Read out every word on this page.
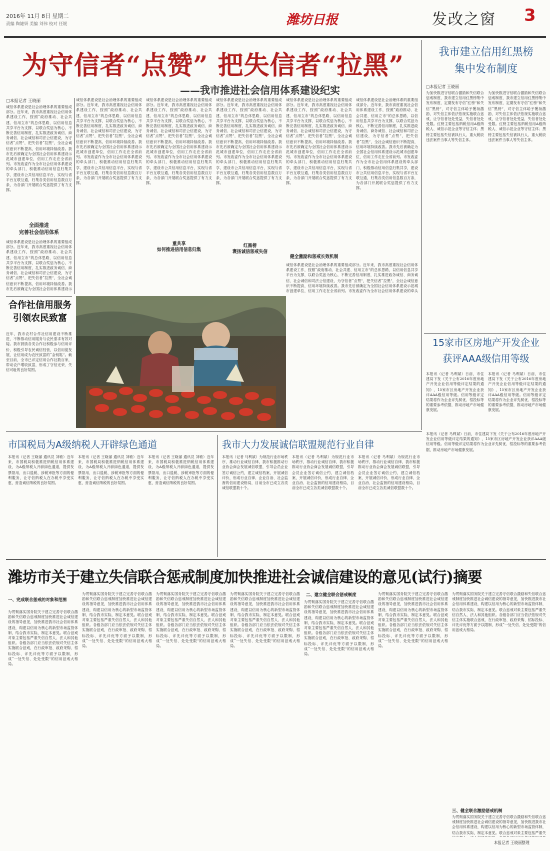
2016年 11月 8日 星期二
责编 陶婕妍 美编 刘伟 校对 任媛	潍坊日报	发改之窗 3
为守信者“点赞” 把失信者“拉黑”
——我市推进社会信用体系建设纪实
□本报记者 王晓丽
诚信体系建设是社会治理体系的重要组成部分。近年来，我市高度重视社会信用体系建设工作，按照“政府推动、社会共建、信用立市”的总体思路，以信用信息共享平台为支撑，以联合奖惩为核心，不断完善信用制度，扎实推进政务诚信、商务诚信、社会诚信和司法公信建设，为守信者“点赞”，把失信者“拉黑”，全社会诚信意识不断提高，信用环境持续改善。我市先后被确定为全国社会信用体系建设示范城市创建单位，信用工作走在全省前列。市发改委作为全市社会信用体系建设的牵头部门，积极推动信用信息归集共享，建设市公共信用信息平台，实现与省平台互联互通，归集各类信用信息数百万条，为各部门开展联合奖惩提供了有力支撑。
诚信体系建设是社会治理体系的重要组成部分。近年来，我市高度重视社会信用体系建设工作，按照“政府推动、社会共建、信用立市”的总体思路，以信用信息共享平台为支撑，以联合奖惩为核心，不断完善信用制度，扎实推进政务诚信、商务诚信、社会诚信和司法公信建设，为守信者“点赞”，把失信者“拉黑”，全社会诚信意识不断提高，信用环境持续改善。我市先后被确定为全国社会信用体系建设示范城市创建单位，信用工作走在全省前列。市发改委作为全市社会信用体系建设的牵头部门，积极推动信用信息归集共享，建设市公共信用信息平台，实现与省平台互联互通，归集各类信用信息数百万条，为各部门开展联合奖惩提供了有力支撑。
诚信体系建设是社会治理体系的重要组成部分。近年来，我市高度重视社会信用体系建设工作，按照“政府推动、社会共建、信用立市”的总体思路，以信用信息共享平台为支撑，以联合奖惩为核心，不断完善信用制度，扎实推进政务诚信、商务诚信、社会诚信和司法公信建设，为守信者“点赞”，把失信者“拉黑”，全社会诚信意识不断提高，信用环境持续改善。我市先后被确定为全国社会信用体系建设示范城市创建单位，信用工作走在全省前列。市发改委作为全市社会信用体系建设的牵头部门，积极推动信用信息归集共享，建设市公共信用信息平台，实现与省平台互联互通，归集各类信用信息数百万条，为各部门开展联合奖惩提供了有力支撑。
诚信体系建设是社会治理体系的重要组成部分。近年来，我市高度重视社会信用体系建设工作，按照“政府推动、社会共建、信用立市”的总体思路，以信用信息共享平台为支撑，以联合奖惩为核心，不断完善信用制度，扎实推进政务诚信、商务诚信、社会诚信和司法公信建设，为守信者“点赞”，把失信者“拉黑”，全社会诚信意识不断提高，信用环境持续改善。我市先后被确定为全国社会信用体系建设示范城市创建单位，信用工作走在全省前列。市发改委作为全市社会信用体系建设的牵头部门，积极推动信用信息归集共享，建设市公共信用信息平台，实现与省平台互联互通，归集各类信用信息数百万条，为各部门开展联合奖惩提供了有力支撑。
诚信体系建设是社会治理体系的重要组成部分。近年来，我市高度重视社会信用体系建设工作，按照“政府推动、社会共建、信用立市”的总体思路，以信用信息共享平台为支撑，以联合奖惩为核心，不断完善信用制度，扎实推进政务诚信、商务诚信、社会诚信和司法公信建设，为守信者“点赞”，把失信者“拉黑”，全社会诚信意识不断提高，信用环境持续改善。我市先后被确定为全国社会信用体系建设示范城市创建单位，信用工作走在全省前列。市发改委作为全市社会信用体系建设的牵头部门，积极推动信用信息归集共享，建设市公共信用信息平台，实现与省平台互联互通，归集各类信用信息数百万条，为各部门开展联合奖惩提供了有力支撑。
诚信体系建设是社会治理体系的重要组成部分。近年来，我市高度重视社会信用体系建设工作，按照“政府推动、社会共建、信用立市”的总体思路，以信用信息共享平台为支撑，以联合奖惩为核心，不断完善信用制度，扎实推进政务诚信、商务诚信、社会诚信和司法公信建设，为守信者“点赞”，把失信者“拉黑”，全社会诚信意识不断提高，信用环境持续改善。我市先后被确定为全国社会信用体系建设示范城市创建单位，信用工作走在全省前列。市发改委作为全市社会信用体系建设的牵头部门，积极推动信用信息归集共享，建设市公共信用信息平台，实现与省平台互联互通，归集各类信用信息数百万条，为各部门开展联合奖惩提供了有力支撑。
全面推进
完善社会信用体系
诚信体系建设是社会治理体系的重要组成部分。近年来，我市高度重视社会信用体系建设工作，按照“政府推动、社会共建、信用立市”的总体思路，以信用信息共享平台为支撑，以联合奖惩为核心，不断完善信用制度，扎实推进政务诚信、商务诚信、社会诚信和司法公信建设，为守信者“点赞”，把失信者“拉黑”，全社会诚信意识不断提高，信用环境持续改善。我市先后被确定为全国社会信用体系建设示
重共享
如何推进信用信息归集
红黑榜
褒扬诚信惩戒失信
健全激励和惩戒长效机制
诚信体系建设是社会治理体系的重要组成部分。近年来，我市高度重视社会信用体系建设工作，按照“政府推动、社会共建、信用立市”的总体思路，以信用信息共享平台为支撑，以联合奖惩为核心，不断完善信用制度，扎实推进政务诚信、商务诚信、社会诚信和司法公信建设，为守信者“点赞”，把失信者“拉黑”，全社会诚信意识不断提高，信用环境持续改善。我市先后被确定为全国社会信用体系建设示范城市创建单位，信用工作走在全省前列。市发改委作为全市社会信用体系建设的牵头
合作社信用服务
引领农民致富
近年，我市农村合作社信用建设不断推进，不断推动信用服务与农民需求有效对接。我市鼓励各类合作社积极参与信用评价，积极引导农民诚信经营，以信用促发展，让信用成为农民致富的“金钥匙”。截至目前，全市已评定信用合作社数百家，带动农户增收致富，形成了守信光荣、失信可耻的良好氛围。
我市建立信用红黑榜
集中发布制度
□本报记者 王晓丽
为加快推进守信联合激励和失信联合惩戒制度，我市建立信用红黑榜集中发布制度，定期发布守信“红榜”和失信“黑榜”，对守信主体给予褒扬激励，对失信主体依法依规实施联合惩戒，让守信者处处受益，失信者处处受限。红榜主要包括纳税信用A级纳税人、诚信示范企业等守信主体；黑榜主要包括失信被执行人、重大税收违法案件当事人等失信主体。
为加快推进守信联合激励和失信联合惩戒制度，我市建立信用红黑榜集中发布制度，定期发布守信“红榜”和失信“黑榜”，对守信主体给予褒扬激励，对失信主体依法依规实施联合惩戒，让守信者处处受益，失信者处处受限。红榜主要包括纳税信用A级纳税人、诚信示范企业等守信主体；黑榜主要包括失信被执行人、重大税收违法案件当事人等失信主体。
15家市区房地产开发企业
获评AAA级信用等级
本报讯（记者 马利斌）日前，市住建局下发《关于公布2016年度房地产开发企业信用等级评定结果的通知》，15家市区房地产开发企业获评AAA级信用等级。信用等级评定结果将作为企业评先树优、招投标等的重要参考依据，推动房地产市场健康发展。
本报讯（记者 马利斌）日前，市住建局下发《关于公布2016年度房地产开发企业信用等级评定结果的通知》，15家市区房地产开发企业获评AAA级信用等级。信用等级评定结果将作为企业评先树优、招投标等的重要参考依据，推动房地产市场健康发展。
市国税局为A级纳税人开辟绿色通道
本报讯（记者 王晓丽 通讯员 刘敏）近年来，市国税局积极推进纳税信用体系建设，为A级纳税人开辟绿色通道，提供发票领用、出口退税、涉税审批等方面的便利服务，让守信纳税人在办税中享受实惠，营造诚信纳税的良好氛围。
本报讯（记者 王晓丽 通讯员 刘敏）近年来，市国税局积极推进纳税信用体系建设，为A级纳税人开辟绿色通道，提供发票领用、出口退税、涉税审批等方面的便利服务，让守信纳税人在办税中享受实惠，营造诚信纳税的良好氛围。
本报讯（记者 王晓丽 通讯员 刘敏）近年来，市国税局积极推进纳税信用体系建设，为A级纳税人开辟绿色通道，提供发票领用、出口退税、涉税审批等方面的便利服务，让守信纳税人在办税中享受实惠，营造诚信纳税的良好氛围。
我市大力发展诚信联盟规范行业自律
本报讯（记者 马利斌）为规范行业市场秩序，推动行业诚信自律，我市积极推动行业协会商会发展诚信联盟，引导会员企业签订诚信公约，建立诚信档案，开展诚信评价，形成行业自律、企业自治、社会监督的信用建设格局，目前全市已成立各类诚信联盟数十个。
本报讯（记者 马利斌）为规范行业市场秩序，推动行业诚信自律，我市积极推动行业协会商会发展诚信联盟，引导会员企业签订诚信公约，建立诚信档案，开展诚信评价，形成行业自律、企业自治、社会监督的信用建设格局，目前全市已成立各类诚信联盟数十个。
本报讯（记者 马利斌）为规范行业市场秩序，推动行业诚信自律，我市积极推动行业协会商会发展诚信联盟，引导会员企业签订诚信公约，建立诚信档案，开展诚信评价，形成行业自律、企业自治、社会监督的信用建设格局，目前全市已成立各类诚信联盟数十个。
本报讯（记者 马利斌）日前，市住建局下发《关于公布2016年度房地产开发企业信用等级评定结果的通知》，15家市区房地产开发企业获评AAA级信用等级。信用等级评定结果将作为企业评先树优、招投标等的重要参考依据，推动房地产市场健康发展。
潍坊市关于建立失信联合惩戒制度加快推进社会诚信建设的意见(试行)摘要
一、完成联合惩戒的对象和范围
为贯彻落实国务院关于建立完善守信联合激励和失信联合惩戒制度加快推进社会诚信建设的指导意见，加快推进我市社会信用体系建设，构建以信用为核心的新型市场监管体制，结合我市实际，制定本意见。联合惩戒对象主要包括严重失信自然人、法人和其他组织。各级各部门应当依法依规对失信主体实施联合惩戒，在行政审批、政府采购、招标投标、评先评优等方面予以限制，形成“一处失信、处处受限”的信用惩戒大格局。
为贯彻落实国务院关于建立完善守信联合激励和失信联合惩戒制度加快推进社会诚信建设的指导意见，加快推进我市社会信用体系建设，构建以信用为核心的新型市场监管体制，结合我市实际，制定本意见。联合惩戒对象主要包括严重失信自然人、法人和其他组织。各级各部门应当依法依规对失信主体实施联合惩戒，在行政审批、政府采购、招标投标、评先评优等方面予以限制，形成“一处失信、处处受限”的信用惩戒大格局。
为贯彻落实国务院关于建立完善守信联合激励和失信联合惩戒制度加快推进社会诚信建设的指导意见，加快推进我市社会信用体系建设，构建以信用为核心的新型市场监管体制，结合我市实际，制定本意见。联合惩戒对象主要包括严重失信自然人、法人和其他组织。各级各部门应当依法依规对失信主体实施联合惩戒，在行政审批、政府采购、招标投标、评先评优等方面予以限制，形成“一处失信、处处受限”的信用惩戒大格局。
为贯彻落实国务院关于建立完善守信联合激励和失信联合惩戒制度加快推进社会诚信建设的指导意见，加快推进我市社会信用体系建设，构建以信用为核心的新型市场监管体制，结合我市实际，制定本意见。联合惩戒对象主要包括严重失信自然人、法人和其他组织。各级各部门应当依法依规对失信主体实施联合惩戒，在行政审批、政府采购、招标投标、评先评优等方面予以限制，形成“一处失信、处处受限”的信用惩戒大格局。
二、建立健全联合惩戒制度
为贯彻落实国务院关于建立完善守信联合激励和失信联合惩戒制度加快推进社会诚信建设的指导意见，加快推进我市社会信用体系建设，构建以信用为核心的新型市场监管体制，结合我市实际，制定本意见。联合惩戒对象主要包括严重失信自然人、法人和其他组织。各级各部门应当依法依规对失信主体实施联合惩戒，在行政审批、政府采购、招标投标、评先评优等方面予以限制，形成“一处失信、处处受限”的信用惩戒大格局。
为贯彻落实国务院关于建立完善守信联合激励和失信联合惩戒制度加快推进社会诚信建设的指导意见，加快推进我市社会信用体系建设，构建以信用为核心的新型市场监管体制，结合我市实际，制定本意见。联合惩戒对象主要包括严重失信自然人、法人和其他组织。各级各部门应当依法依规对失信主体实施联合惩戒，在行政审批、政府采购、招标投标、评先评优等方面予以限制，形成“一处失信、处处受限”的信用惩戒大格局。
为贯彻落实国务院关于建立完善守信联合激励和失信联合惩戒制度加快推进社会诚信建设的指导意见，加快推进我市社会信用体系建设，构建以信用为核心的新型市场监管体制，结合我市实际，制定本意见。联合惩戒对象主要包括严重失信自然人、法人和其他组织。各级各部门应当依法依规对失信主体实施联合惩戒，在行政审批、政府采购、招标投标、评先评优等方面予以限制，形成“一处失信、处处受限”的信用惩戒大格局。
三、健全联合激励惩戒机制
为贯彻落实国务院关于建立完善守信联合激励和失信联合惩戒制度加快推进社会诚信建设的指导意见，加快推进我市社会信用体系建设，构建以信用为核心的新型市场监管体制，结合我市实际，制定本意见。联合惩戒对象主要包括严重失
本报记者 王晓丽整理
